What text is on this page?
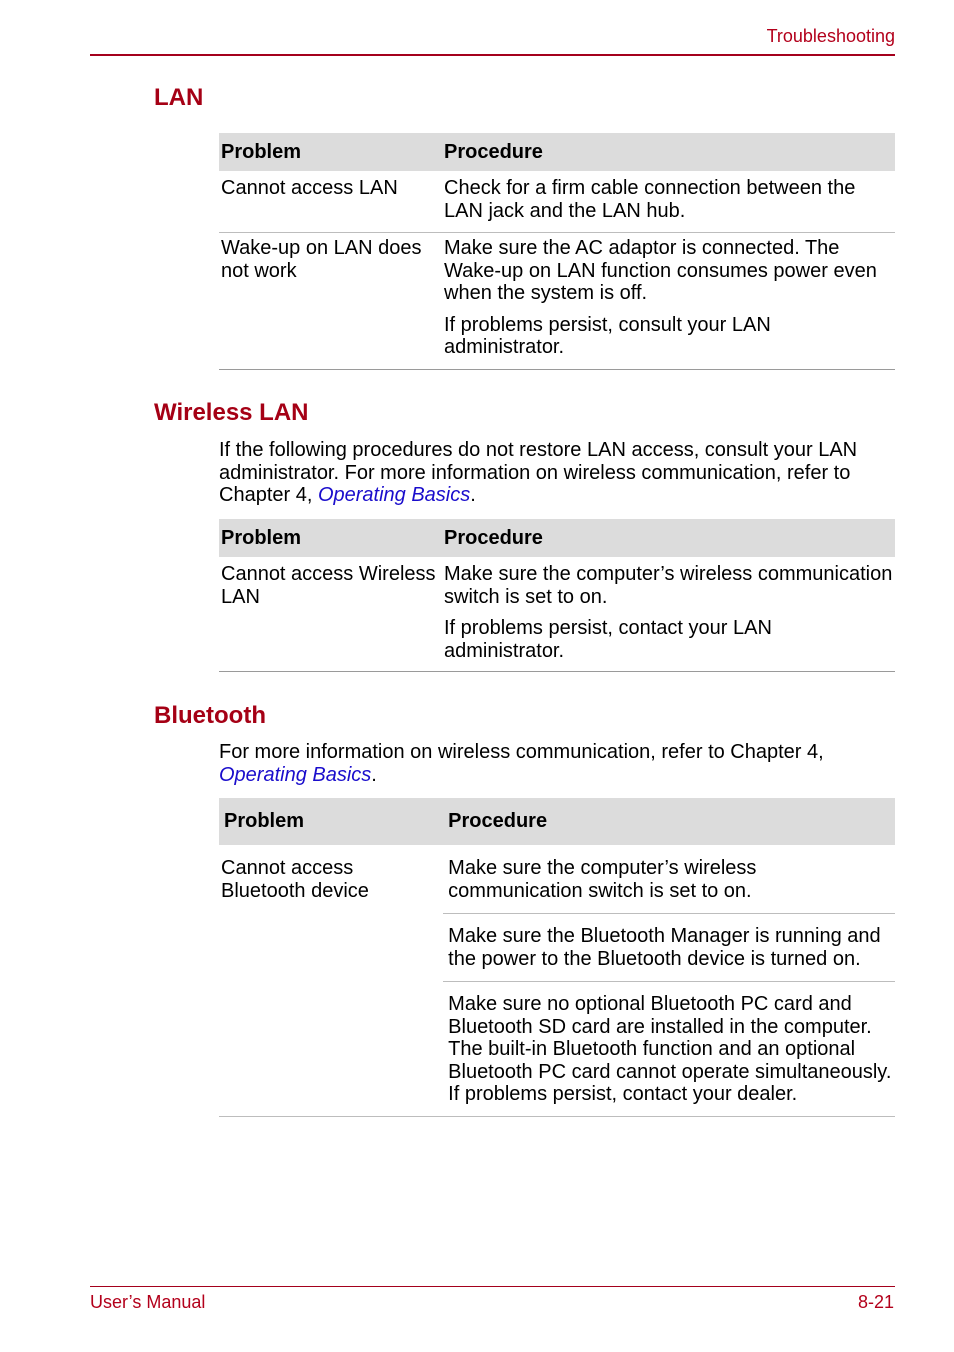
Troubleshooting
LAN
Problem	Procedure
Cannot access LAN	Check for a firm cable connection between the LAN jack and the LAN hub.

Wake-up on LAN does not work	Make sure the AC adaptor is connected. The Wake-up on LAN function consumes power even when the system is off.

If problems persist, consult your LAN administrator.

Wireless LAN

If the following procedures do not restore LAN access, consult your LAN administrator. For more information on wireless communication, refer to Chapter 4, Operating Basics.

Problem	Procedure
Cannot access Wireless LAN	Make sure the computer’s wireless communication switch is set to on.

If problems persist, contact your LAN administrator.

Bluetooth

For more information on wireless communication, refer to Chapter 4, Operating Basics.

Problem	Procedure
Cannot access Bluetooth device	Make sure the computer’s wireless communication switch is set to on.
	Make sure the Bluetooth Manager is running and the power to the Bluetooth device is turned on.
	Make sure no optional Bluetooth PC card and Bluetooth SD card are installed in the computer. The built-in Bluetooth function and an optional Bluetooth PC card cannot operate simultaneously. If problems persist, contact your dealer.
User’s Manual	8-21
